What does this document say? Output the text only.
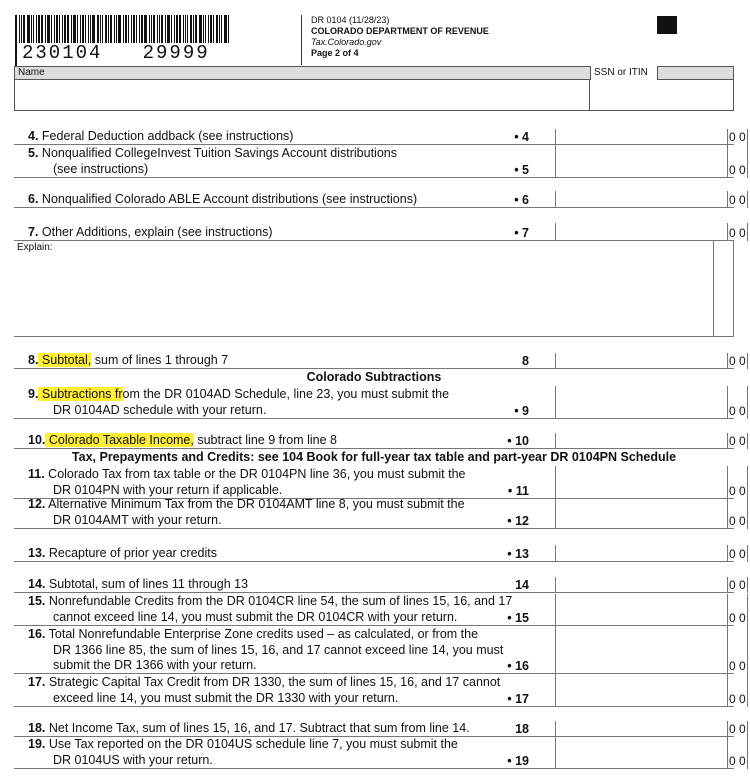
230104   29999
DR 0104 (11/28/23)
COLORADO DEPARTMENT OF REVENUE
Tax.Colorado.gov
Page 2 of 4
Name	SSN or ITIN
Explain:
Colorado Subtractions
Tax, Prepayments and Credits: see 104 Book for full-year tax table and part-year DR 0104PN Schedule
4. Federal Deduction addback (see instructions)	• 4	0 0
5. Nonqualified CollegeInvest Tuition Savings Account distributions
(see instructions)	• 5	0 0
6. Nonqualified Colorado ABLE Account distributions (see instructions)	• 6	0 0
7. Other Additions, explain (see instructions)	• 7	0 0
8. Subtotal, sum of lines 1 through 7	8	0 0
9. Subtractions from the DR 0104AD Schedule, line 23, you must submit the
DR 0104AD schedule with your return.	• 9	0 0
10. Colorado Taxable Income, subtract line 9 from line 8	• 10	0 0
11. Colorado Tax from tax table or the DR 0104PN line 36, you must submit the
DR 0104PN with your return if applicable.	• 11	0 0
12. Alternative Minimum Tax from the DR 0104AMT line 8, you must submit the
DR 0104AMT with your return.	• 12	0 0
13. Recapture of prior year credits	• 13	0 0
14. Subtotal, sum of lines 11 through 13	14	0 0
15. Nonrefundable Credits from the DR 0104CR line 54, the sum of lines 15, 16, and 17
cannot exceed line 14, you must submit the DR 0104CR with your return.	• 15	0 0
16. Total Nonrefundable Enterprise Zone credits used – as calculated, or from the
DR 1366 line 85, the sum of lines 15, 16, and 17 cannot exceed line 14, you must
submit the DR 1366 with your return.	• 16	0 0
17. Strategic Capital Tax Credit from DR 1330, the sum of lines 15, 16, and 17 cannot
exceed line 14, you must submit the DR 1330 with your return.	• 17	0 0
18. Net Income Tax, sum of lines 15, 16, and 17. Subtract that sum from line 14.	18	0 0
19. Use Tax reported on the DR 0104US schedule line 7, you must submit the
DR 0104US with your return.	• 19	0 0
